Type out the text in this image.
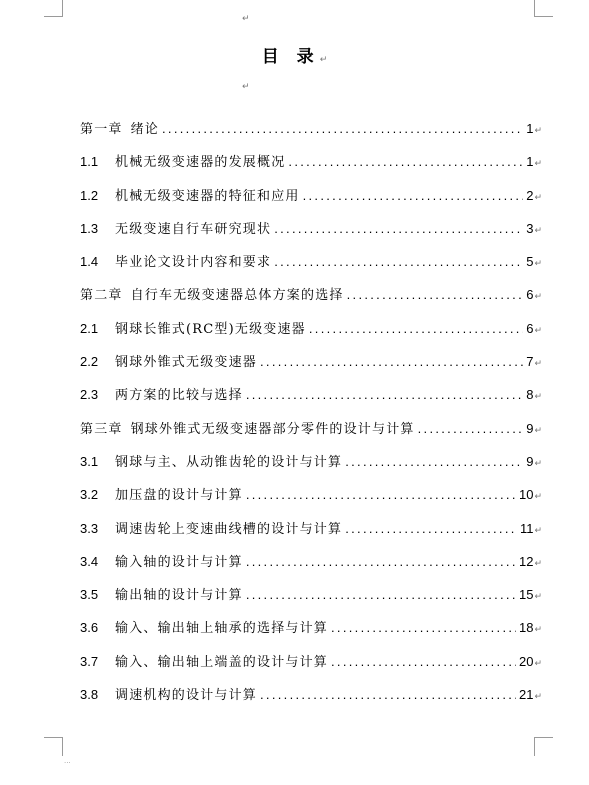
↵
目 录↵
↵
第一章 绪论 .....	1 ↵
1.1	机械无级变速器的发展概况 .....	1 ↵
1.2	机械无级变速器的特征和应用 .....	2 ↵
1.3	无级变速自行车研究现状 .....	3 ↵
1.4	毕业论文设计内容和要求 .....	5 ↵
第二章 自行车无级变速器总体方案的选择 .....	6 ↵
2.1	钢球长锥式(RC型)无级变速器 .....	6 ↵
2.2	钢球外锥式无级变速器 .....	7 ↵
2.3	两方案的比较与选择 .....	8 ↵
第三章 钢球外锥式无级变速器部分零件的设计与计算 .....	9 ↵
3.1	钢球与主、从动锥齿轮的设计与计算 .....	9 ↵
3.2	加压盘的设计与计算 .....	10 ↵
3.3	调速齿轮上变速曲线槽的设计与计算 .....	11 ↵
3.4	输入轴的设计与计算 .....	12 ↵
3.5	输出轴的设计与计算 .....	15 ↵
3.6	输入、输出轴上轴承的选择与计算 .....	18 ↵
3.7	输入、输出轴上端盖的设计与计算 .....	20 ↵
3.8	调速机构的设计与计算 .....	21 ↵
...
